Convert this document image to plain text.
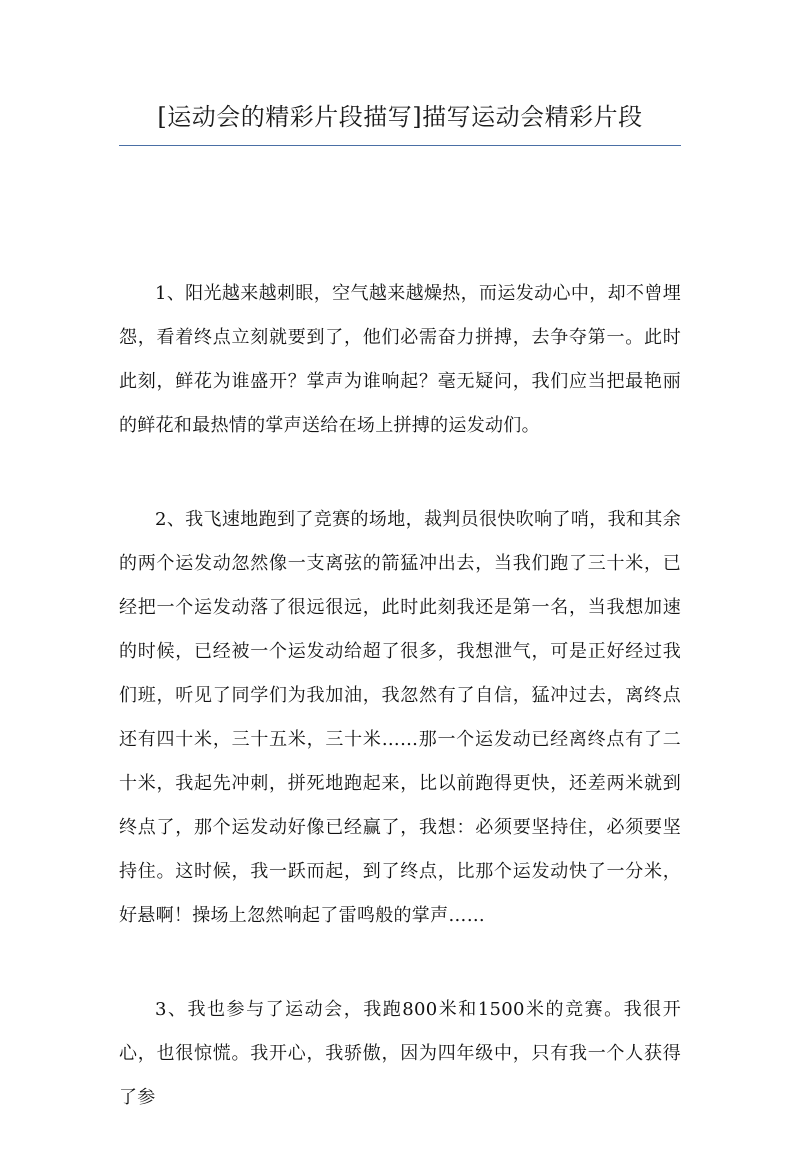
[运动会的精彩片段描写]描写运动会精彩片段

1、阳光越来越刺眼，空气越来越燥热，而运发动心中，却不曾埋怨，看着终点立刻就要到了，他们必需奋力拼搏，去争夺第一。此时此刻，鲜花为谁盛开？掌声为谁响起？毫无疑问，我们应当把最艳丽的鲜花和最热情的掌声送给在场上拼搏的运发动们。

2、我飞速地跑到了竞赛的场地，裁判员很快吹响了哨，我和其余的两个运发动忽然像一支离弦的箭猛冲出去，当我们跑了三十米，已经把一个运发动落了很远很远，此时此刻我还是第一名，当我想加速的时候，已经被一个运发动给超了很多，我想泄气，可是正好经过我们班，听见了同学们为我加油，我忽然有了自信，猛冲过去，离终点还有四十米，三十五米，三十米……那一个运发动已经离终点有了二十米，我起先冲刺，拼死地跑起来，比以前跑得更快，还差两米就到终点了，那个运发动好像已经赢了，我想：必须要坚持住，必须要坚持住。这时候，我一跃而起，到了终点，比那个运发动快了一分米，好悬啊！操场上忽然响起了雷鸣般的掌声……

3、我也参与了运动会，我跑800米和1500米的竞赛。我很开心，也很惊慌。我开心，我骄傲，因为四年级中，只有我一个人获得了参
